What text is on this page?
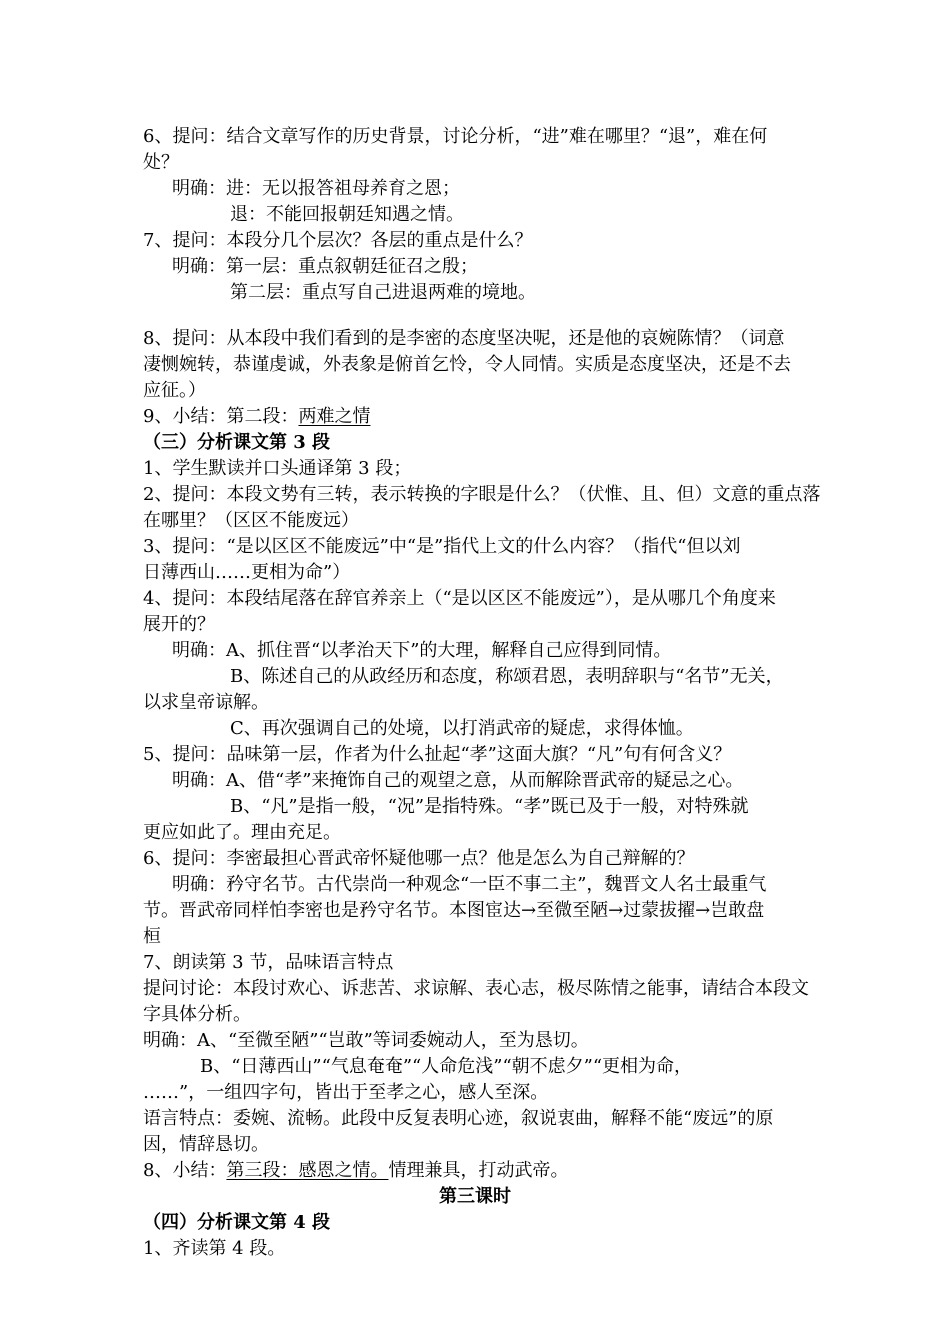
6、提问：结合文章写作的历史背景，讨论分析，“进”难在哪里？“退”，难在何
处？
明确：进：无以报答祖母养育之恩；
退：不能回报朝廷知遇之情。
7、提问：本段分几个层次？各层的重点是什么？
明确：第一层：重点叙朝廷征召之殷；
第二层：重点写自己进退两难的境地。
8、提问：从本段中我们看到的是李密的态度坚决呢，还是他的哀婉陈情？（词意
凄恻婉转，恭谨虔诚，外表象是俯首乞怜，令人同情。实质是态度坚决，还是不去
应征。）
9、小结：第二段：两难之情
（三）分析课文第 3 段
1、学生默读并口头通译第 3 段；
2、提问：本段文势有三转，表示转换的字眼是什么？（伏惟、且、但）文意的重点落
在哪里？（区区不能废远）
3、提问：“是以区区不能废远”中“是”指代上文的什么内容？（指代“但以刘
日薄西山……更相为命”）
4、提问：本段结尾落在辞官养亲上（“是以区区不能废远”），是从哪几个角度来
展开的？
明确：A、抓住晋“以孝治天下”的大理，解释自己应得到同情。
B、陈述自己的从政经历和态度，称颂君恩，表明辞职与“名节”无关，
以求皇帝谅解。
C、再次强调自己的处境，以打消武帝的疑虑，求得体恤。
5、提问：品味第一层，作者为什么扯起“孝”这面大旗？“凡”句有何含义？
明确：A、借“孝”来掩饰自己的观望之意，从而解除晋武帝的疑忌之心。
B、“凡”是指一般，“况”是指特殊。“孝”既已及于一般，对特殊就
更应如此了。理由充足。
6、提问：李密最担心晋武帝怀疑他哪一点？他是怎么为自己辩解的？
明确：矜守名节。古代崇尚一种观念“一臣不事二主”，魏晋文人名士最重气
节。晋武帝同样怕李密也是矜守名节。本图宦达→至微至陋→过蒙拔擢→岂敢盘
桓
7、朗读第 3 节，品味语言特点
提问讨论：本段讨欢心、诉悲苦、求谅解、表心志，极尽陈情之能事，请结合本段文
字具体分析。
明确：A、“至微至陋”“岂敢”等词委婉动人，至为恳切。
B、“日薄西山”“气息奄奄”“人命危浅”“朝不虑夕”“更相为命，
……”，一组四字句，皆出于至孝之心，感人至深。
语言特点：委婉、流畅。此段中反复表明心迹，叙说衷曲，解释不能“废远”的原
因，情辞恳切。
8、小结：第三段：感恩之情。情理兼具，打动武帝。
第三课时
（四）分析课文第 4 段
1、齐读第 4 段。
